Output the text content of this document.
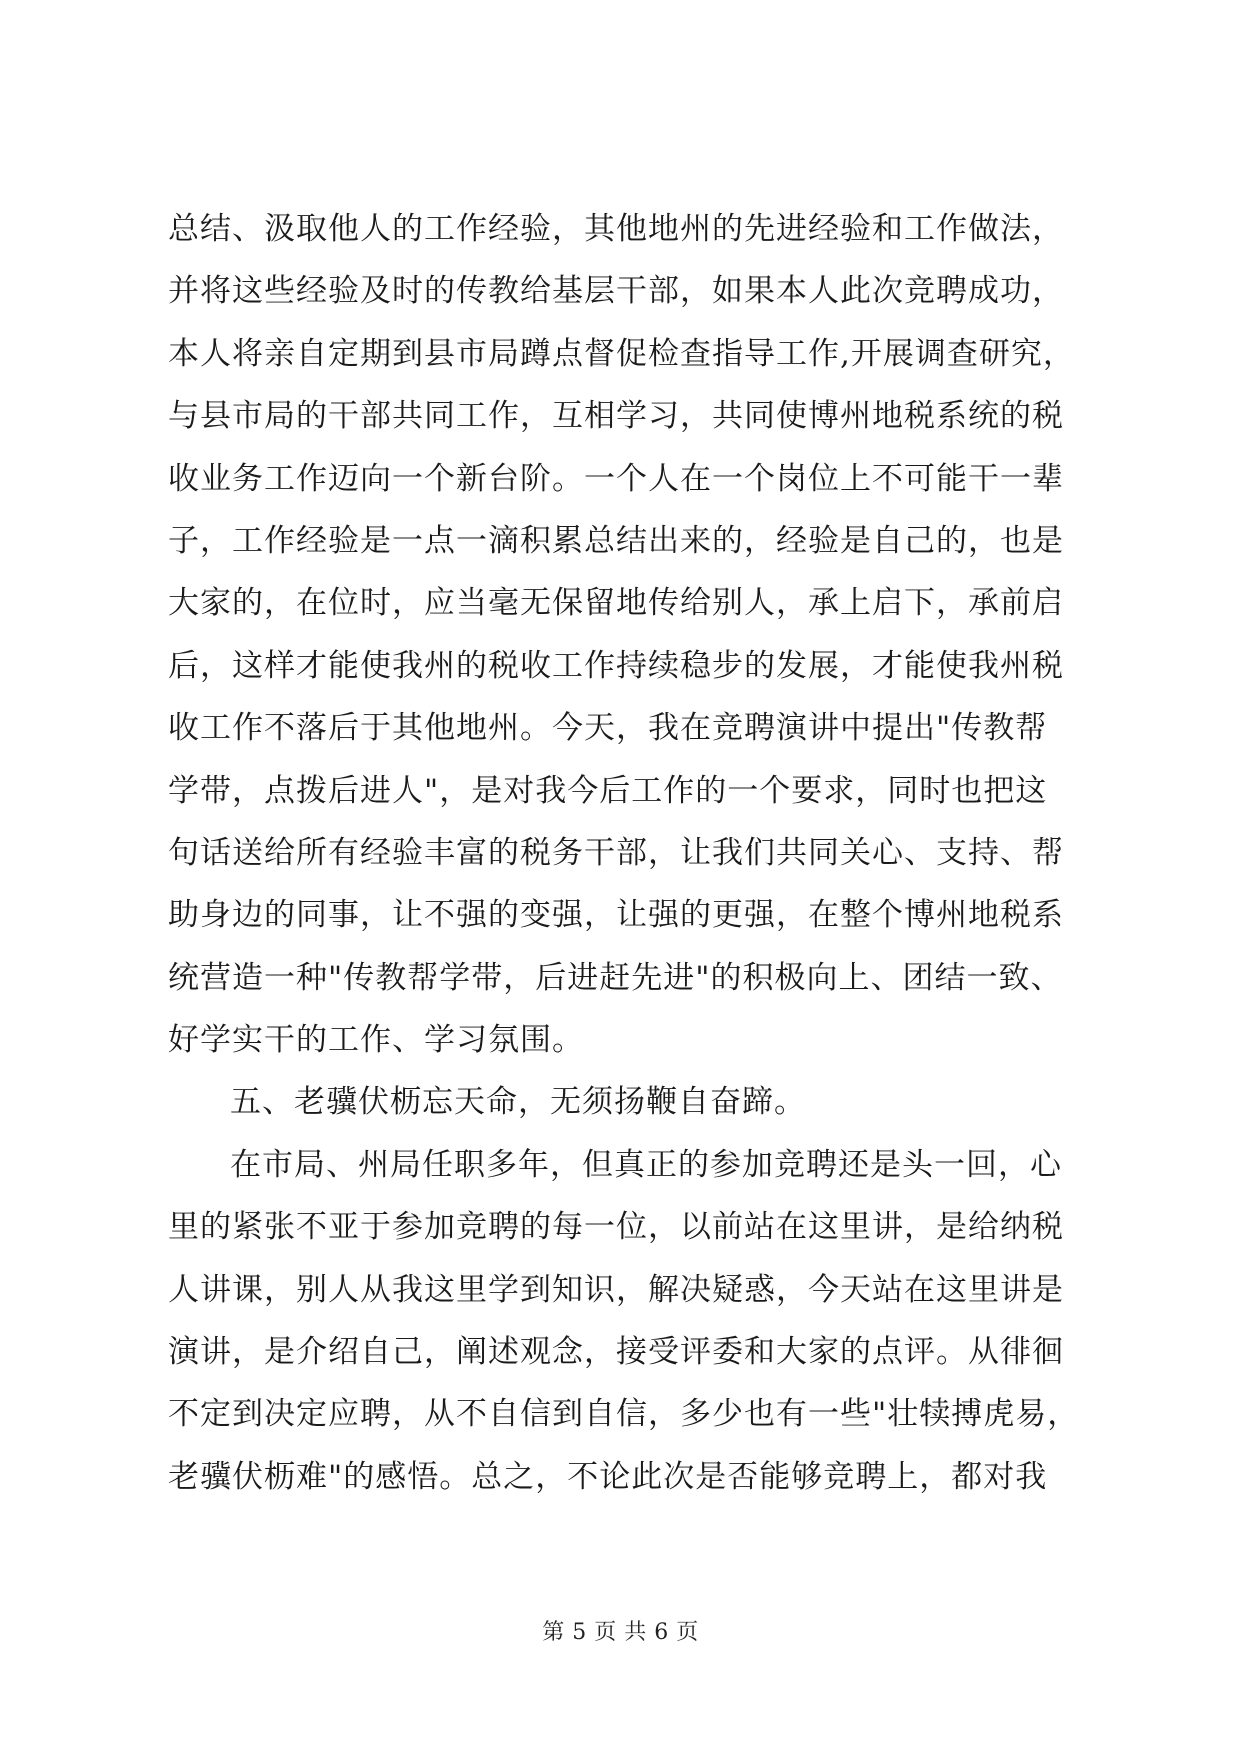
总结、汲取他人的工作经验，其他地州的先进经验和工作做法，

并将这些经验及时的传教给基层干部，如果本人此次竞聘成功，

本人将亲自定期到县市局蹲点督促检查指导工作,开展调查研究，

与县市局的干部共同工作，互相学习，共同使博州地税系统的税

收业务工作迈向一个新台阶。一个人在一个岗位上不可能干一辈

子，工作经验是一点一滴积累总结出来的，经验是自己的，也是

大家的，在位时，应当毫无保留地传给别人，承上启下，承前启

后，这样才能使我州的税收工作持续稳步的发展，才能使我州税

收工作不落后于其他地州。今天，我在竞聘演讲中提出"传教帮

学带，点拨后进人"，是对我今后工作的一个要求，同时也把这

句话送给所有经验丰富的税务干部，让我们共同关心、支持、帮

助身边的同事，让不强的变强，让强的更强，在整个博州地税系

统营造一种"传教帮学带，后进赶先进"的积极向上、团结一致、

好学实干的工作、学习氛围。

五、老骥伏枥忘天命，无须扬鞭自奋蹄。

在市局、州局任职多年，但真正的参加竞聘还是头一回，心

里的紧张不亚于参加竞聘的每一位，以前站在这里讲，是给纳税

人讲课，别人从我这里学到知识，解决疑惑，今天站在这里讲是

演讲，是介绍自己，阐述观念，接受评委和大家的点评。从徘徊

不定到决定应聘，从不自信到自信，多少也有一些"壮犊搏虎易，

老骥伏枥难"的感悟。总之，不论此次是否能够竞聘上，都对我

第 5 页 共 6 页
